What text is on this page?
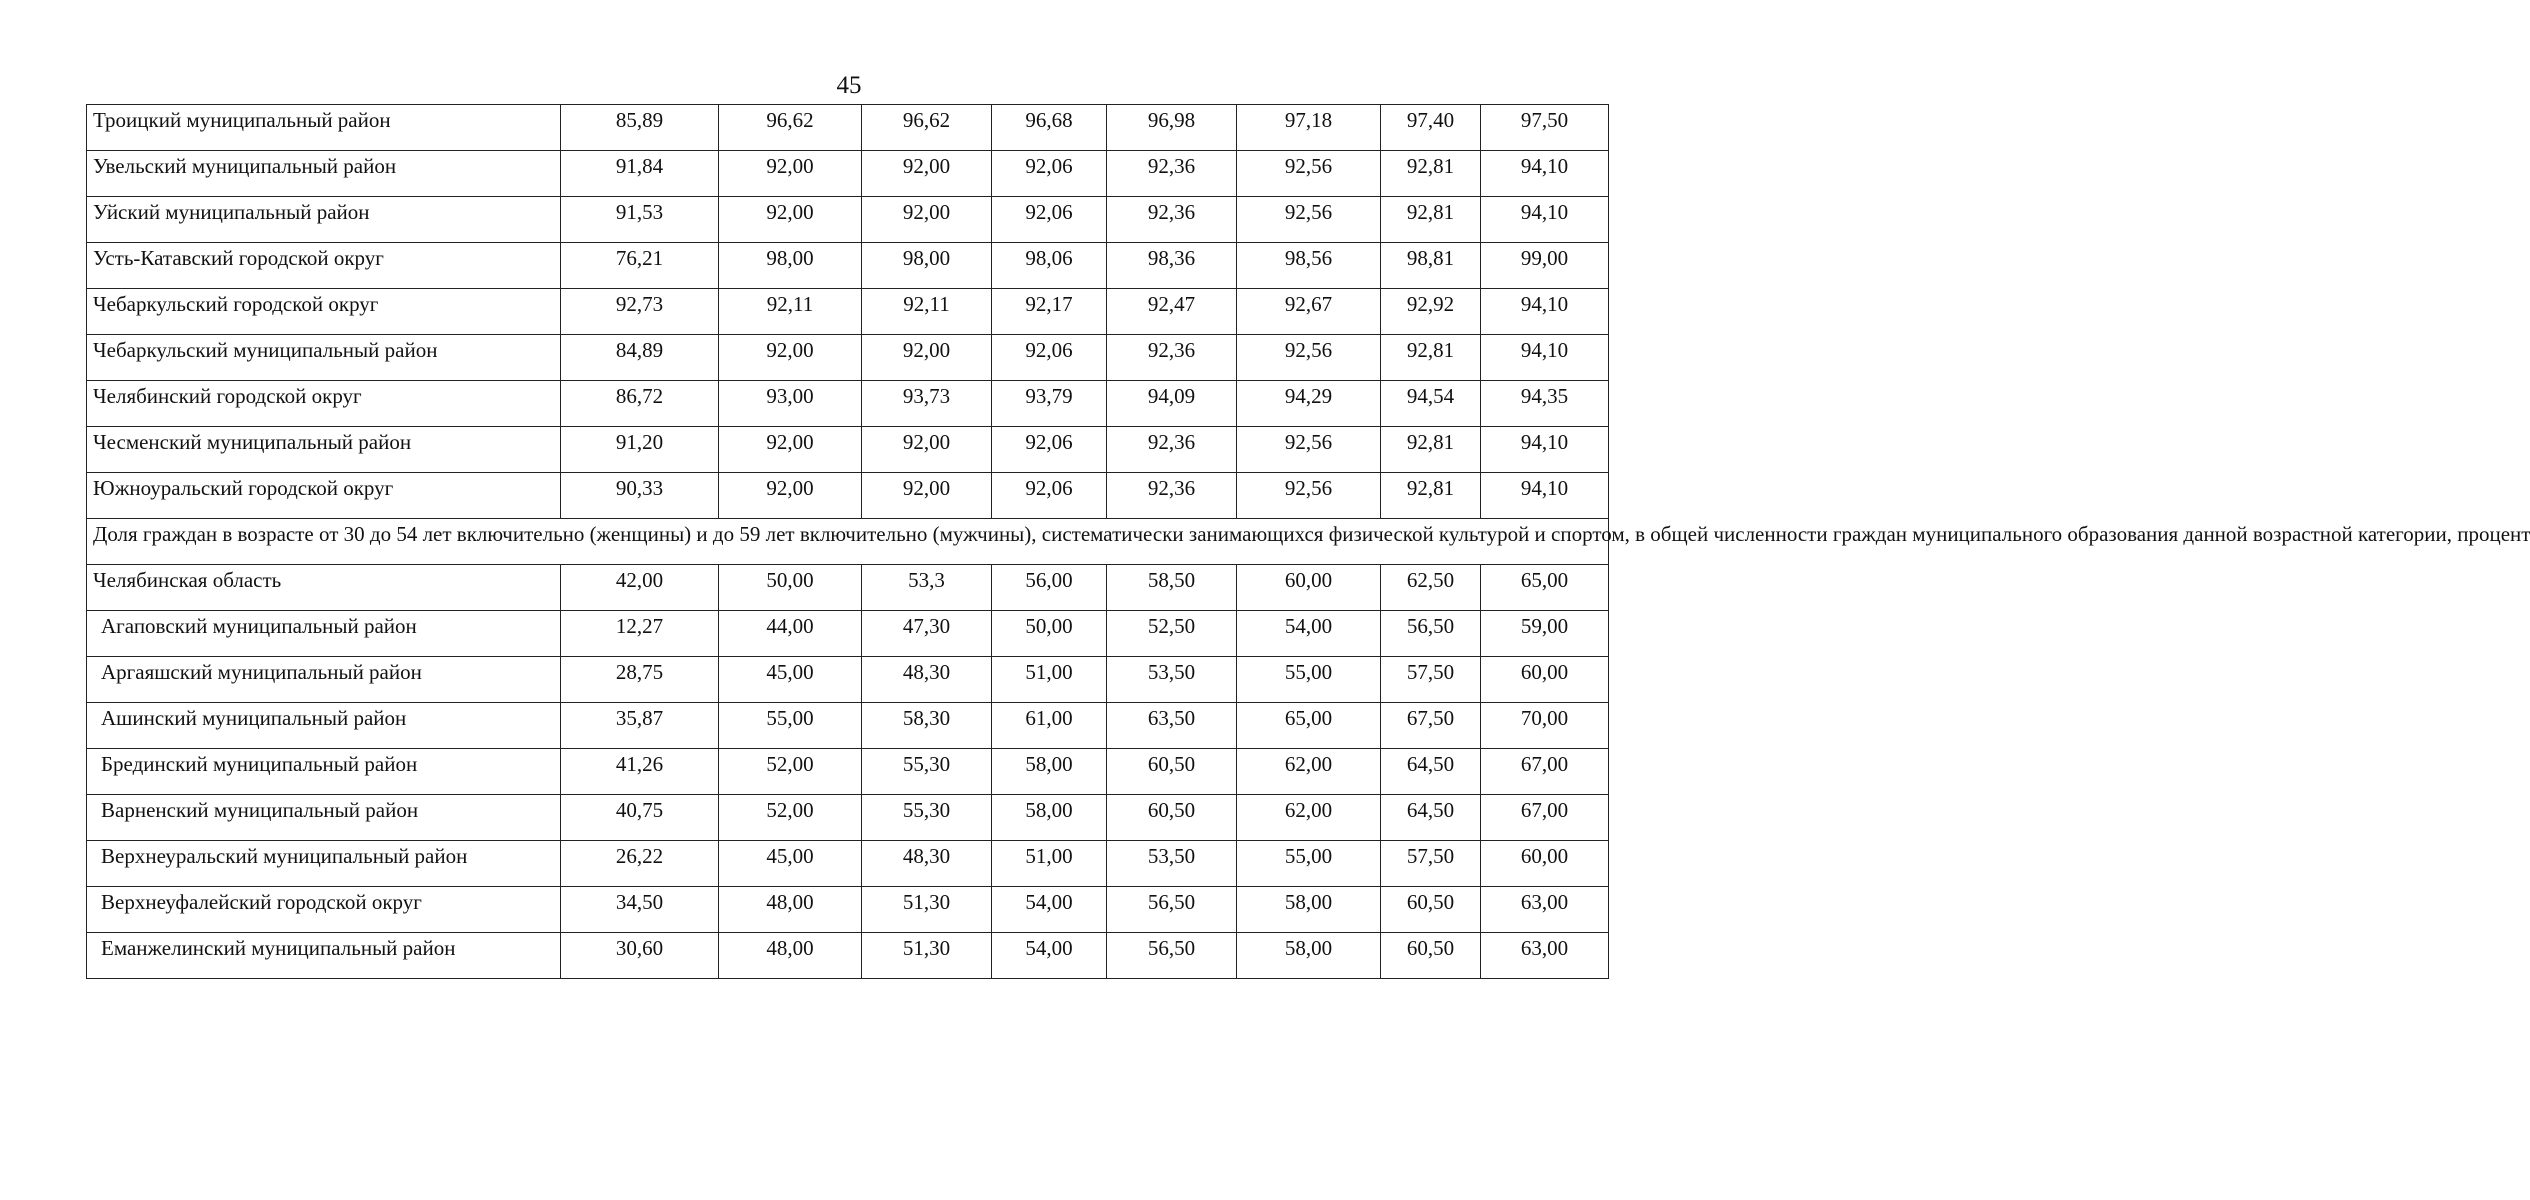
45
Троицкий муниципальный район	85,89	96,62	96,62	96,68	96,98	97,18	97,40	97,50
Увельский муниципальный район	91,84	92,00	92,00	92,06	92,36	92,56	92,81	94,10
Уйский муниципальный район	91,53	92,00	92,00	92,06	92,36	92,56	92,81	94,10
Усть-Катавский городской округ	76,21	98,00	98,00	98,06	98,36	98,56	98,81	99,00
Чебаркульский городской округ	92,73	92,11	92,11	92,17	92,47	92,67	92,92	94,10
Чебаркульский муниципальный район	84,89	92,00	92,00	92,06	92,36	92,56	92,81	94,10
Челябинский городской округ	86,72	93,00	93,73	93,79	94,09	94,29	94,54	94,35
Чесменский муниципальный район	91,20	92,00	92,00	92,06	92,36	92,56	92,81	94,10
Южноуральский городской округ	90,33	92,00	92,00	92,06	92,36	92,56	92,81	94,10
Доля граждан в возрасте от 30 до 54 лет включительно (женщины) и до 59 лет включительно (мужчины), систематически занимающихся физической культурой и спортом, в общей численности граждан муниципального образования данной возрастной категории, процент								
Челябинская область	42,00	50,00	53,3	56,00	58,50	60,00	62,50	65,00
Агаповский муниципальный район	12,27	44,00	47,30	50,00	52,50	54,00	56,50	59,00
Аргаяшский муниципальный район	28,75	45,00	48,30	51,00	53,50	55,00	57,50	60,00
Ашинский муниципальный район	35,87	55,00	58,30	61,00	63,50	65,00	67,50	70,00
Брединский муниципальный район	41,26	52,00	55,30	58,00	60,50	62,00	64,50	67,00
Варненский муниципальный район	40,75	52,00	55,30	58,00	60,50	62,00	64,50	67,00
Верхнеуральский муниципальный район	26,22	45,00	48,30	51,00	53,50	55,00	57,50	60,00
Верхнеуфалейский городской округ	34,50	48,00	51,30	54,00	56,50	58,00	60,50	63,00
Еманжелинский муниципальный район	30,60	48,00	51,30	54,00	56,50	58,00	60,50	63,00
